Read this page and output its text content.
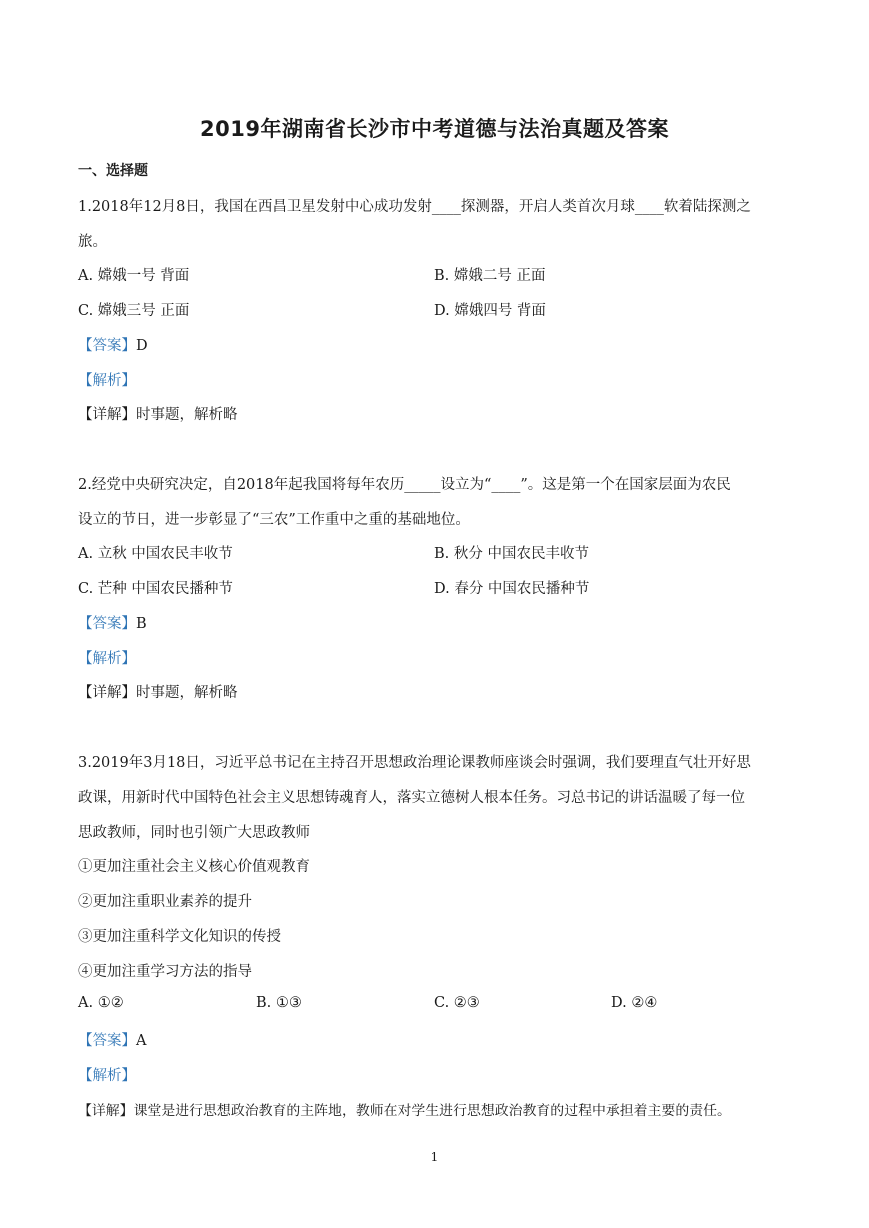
2019年湖南省长沙市中考道德与法治真题及答案
一、选择题
1.2018年12月8日，我国在西昌卫星发射中心成功发射____探测器，开启人类首次月球____软着陆探测之
旅。
A. 嫦娥一号 背面	B. 嫦娥二号 正面
C. 嫦娥三号 正面	D. 嫦娥四号 背面
【答案】D
【解析】
【详解】时事题，解析略
2.经党中央研究决定，自2018年起我国将每年农历_____设立为“____”。这是第一个在国家层面为农民
设立的节日，进一步彰显了“三农”工作重中之重的基础地位。
A. 立秋 中国农民丰收节	B. 秋分 中国农民丰收节
C. 芒种 中国农民播种节	D. 春分 中国农民播种节
【答案】B
【解析】
【详解】时事题，解析略
3.2019年3月18日，习近平总书记在主持召开思想政治理论课教师座谈会时强调，我们要理直气壮开好思
政课，用新时代中国特色社会主义思想铸魂育人，落实立德树人根本任务。习总书记的讲话温暖了每一位
思政教师，同时也引领广大思政教师
①更加注重社会主义核心价值观教育
②更加注重职业素养的提升
③更加注重科学文化知识的传授
④更加注重学习方法的指导
A. ①②	B. ①③	C. ②③	D. ②④
【答案】A
【解析】
【详解】课堂是进行思想政治教育的主阵地，教师在对学生进行思想政治教育的过程中承担着主要的责任。
1
